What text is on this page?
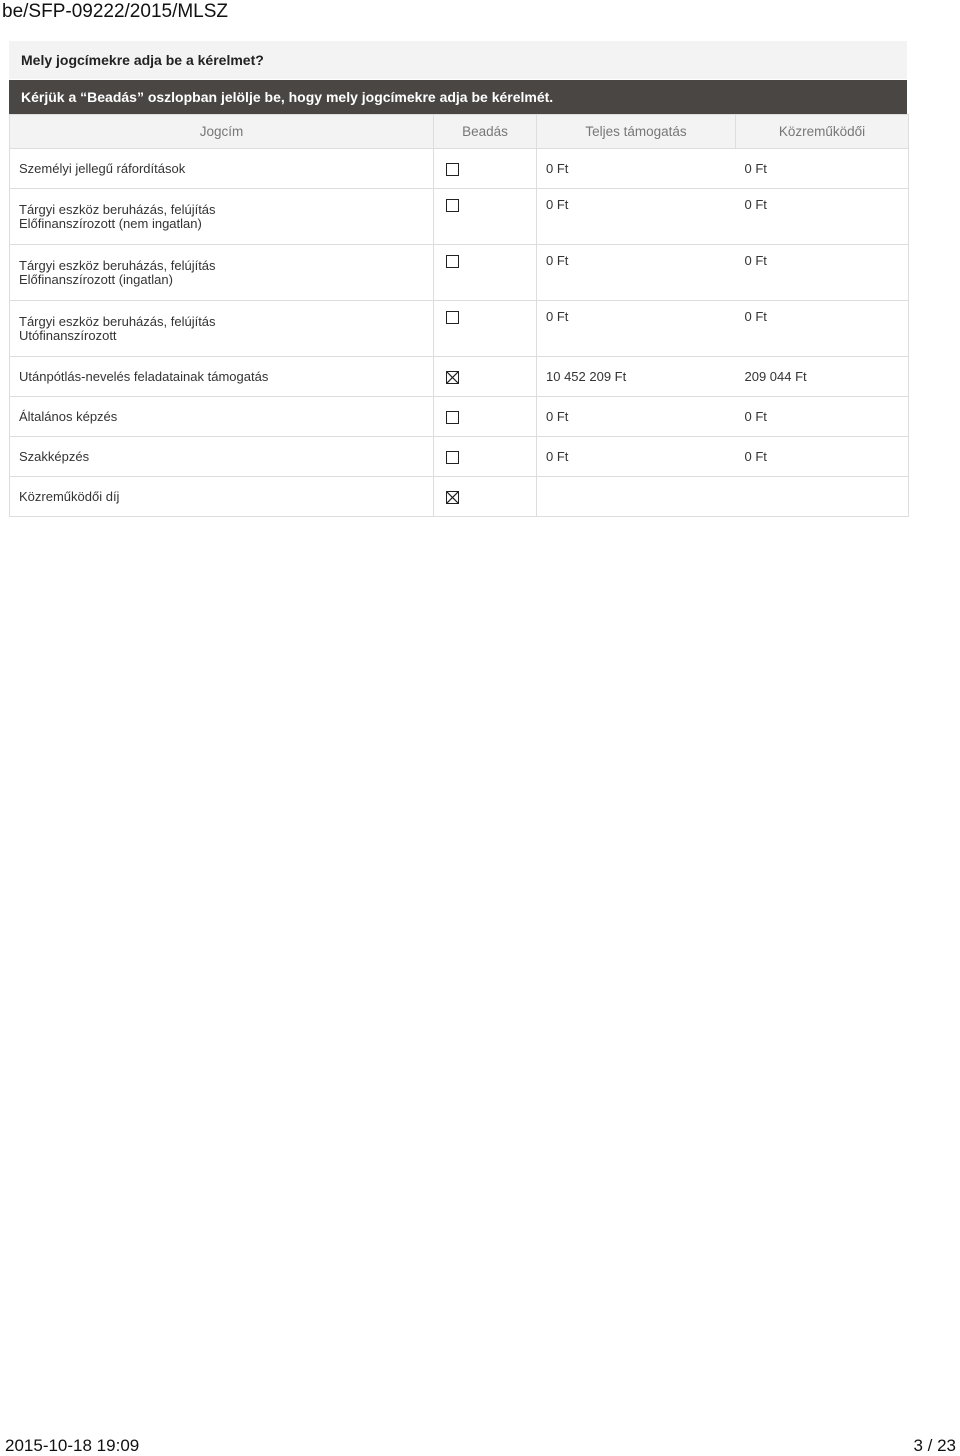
be/SFP-09222/2015/MLSZ
Mely jogcímekre adja be a kérelmet?
Kérjük a “Beadás” oszlopban jelölje be, hogy mely jogcímekre adja be kérelmét.
Jogcím	Beadás	Teljes támogatás	Közreműködői

Személyi jellegű ráfordítások		0 Ft	0 Ft

Tárgyi eszköz beruházás, felújítás
Előfinanszírozott (nem ingatlan)		0 Ft	0 Ft

Tárgyi eszköz beruházás, felújítás
Előfinanszírozott (ingatlan)		0 Ft	0 Ft

Tárgyi eszköz beruházás, felújítás
Utófinanszírozott		0 Ft	0 Ft

Utánpótlás-nevelés feladatainak támogatás		10 452 209 Ft	209 044 Ft

Általános képzés		0 Ft	0 Ft

Szakképzés		0 Ft	0 Ft

Közreműködői díj

2015-10-18 19:09	3 / 23
